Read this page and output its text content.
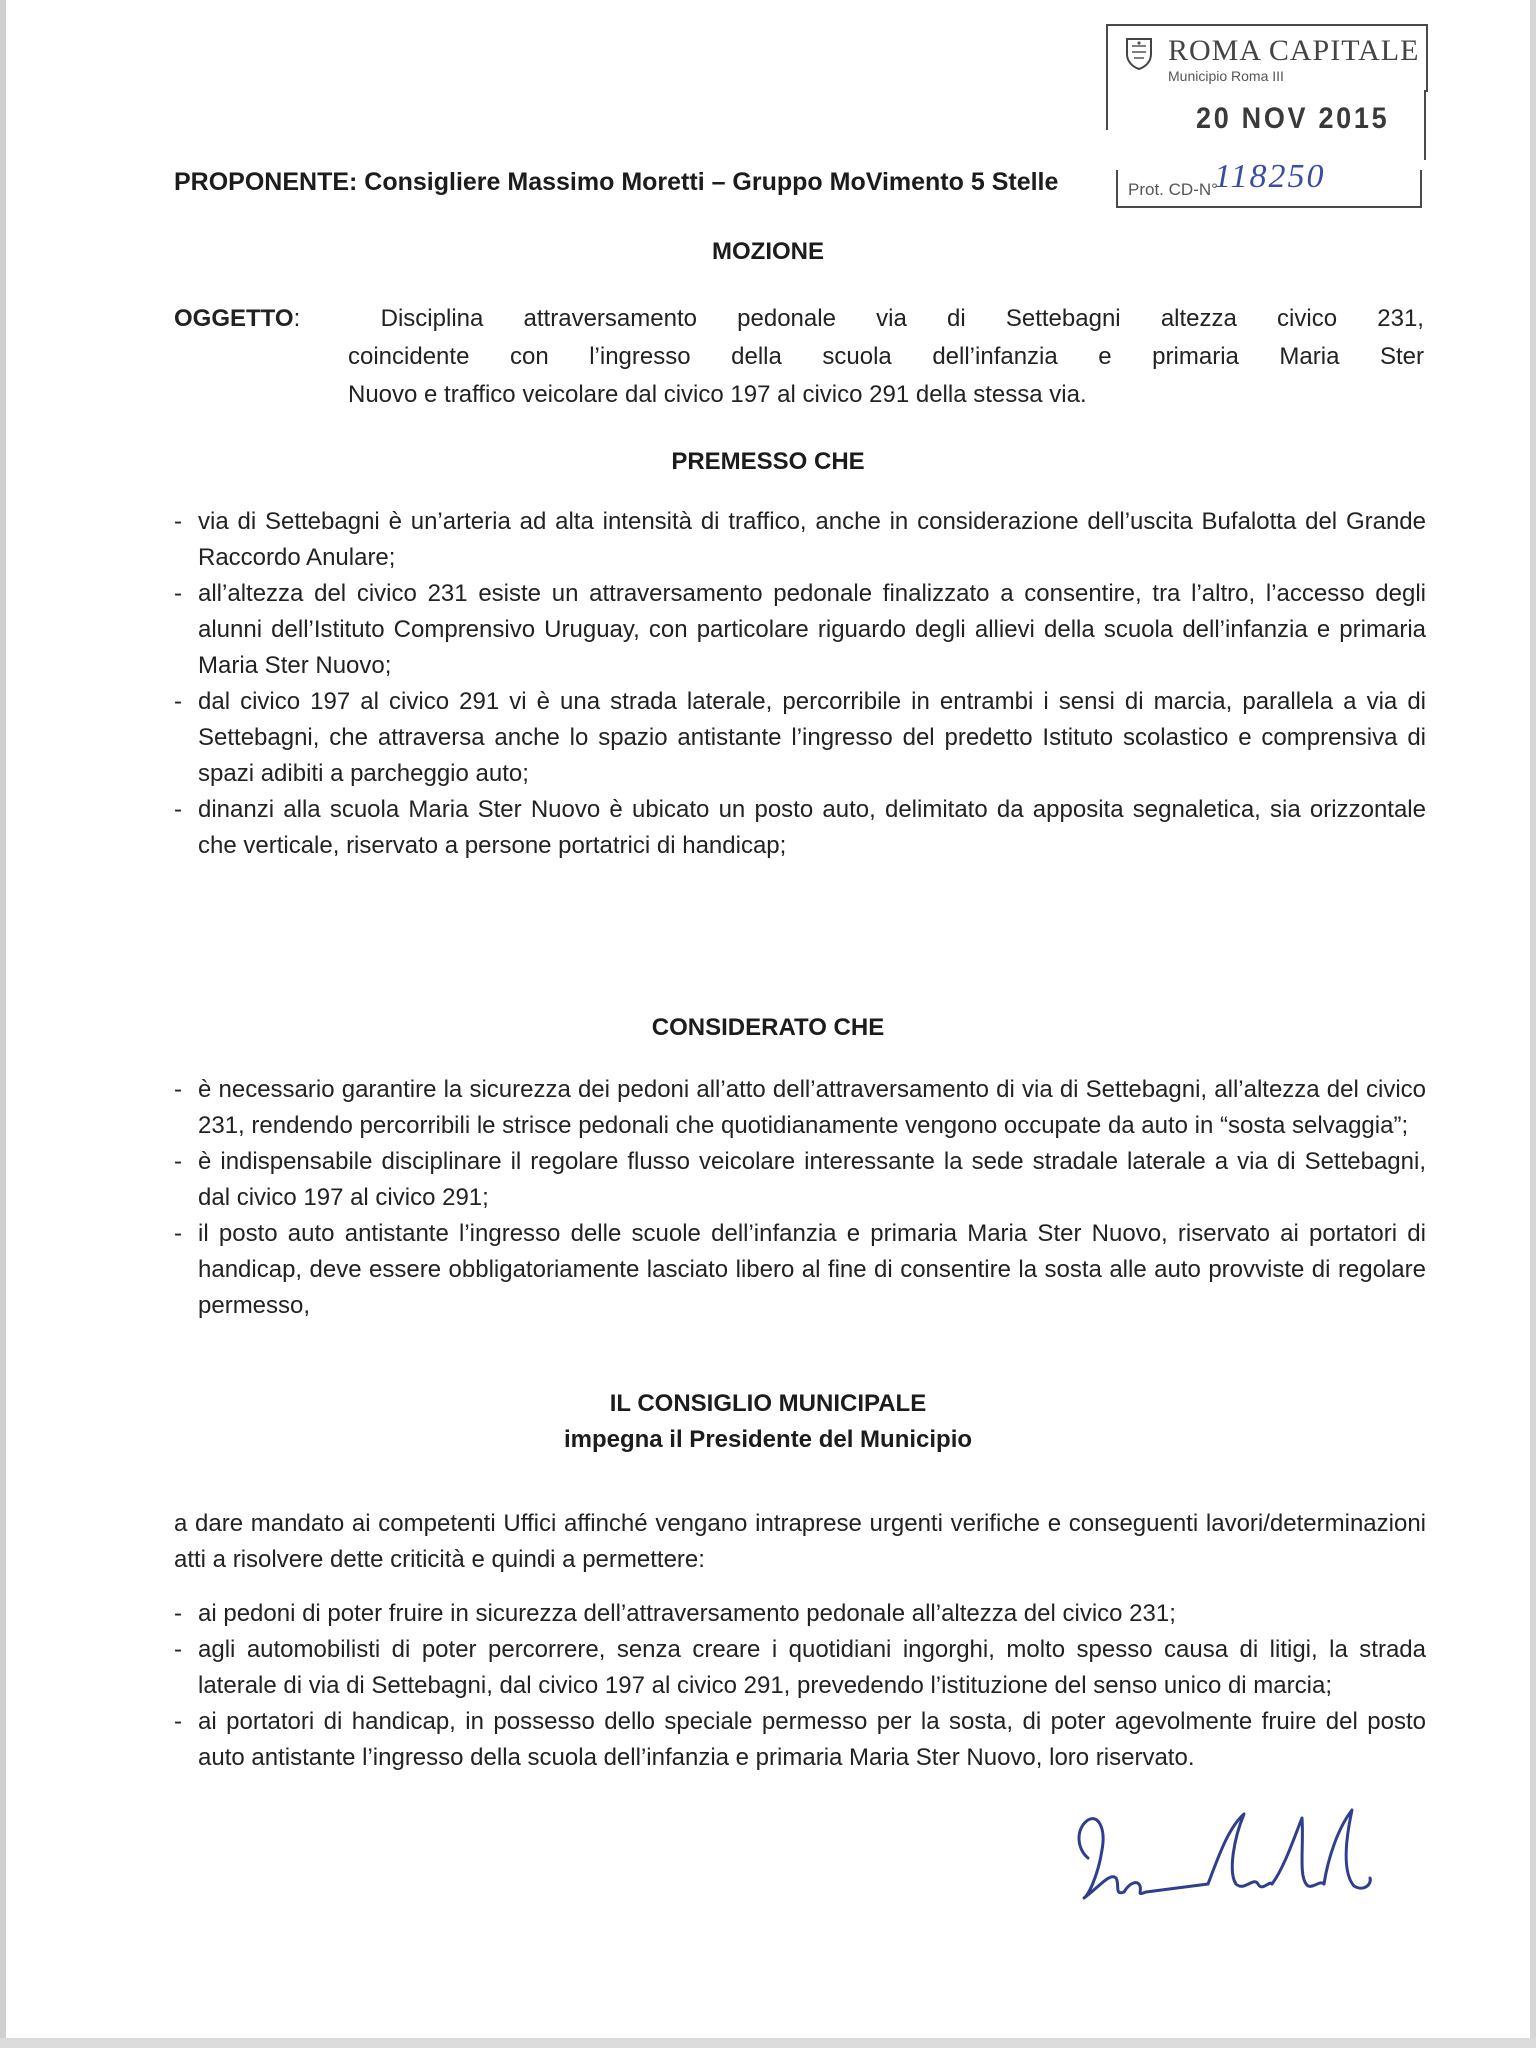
ROMA CAPITALE
Municipio Roma III
20 NOV 2015
Prot. CD-N°
118250
PROPONENTE: Consigliere Massimo Moretti – Gruppo MoVimento 5 Stelle
MOZIONE
OGGETTO:  Disciplina attraversamento pedonale via di Settebagni altezza civico 231,
coincidente con l’ingresso della scuola dell’infanzia e primaria Maria Ster
Nuovo e traffico veicolare dal civico 197 al civico 291 della stessa via.
PREMESSO CHE
- via di Settebagni è un’arteria ad alta intensità di traffico, anche in considerazione dell’uscita Bufalotta del Grande Raccordo Anulare;
- all’altezza del civico 231 esiste un attraversamento pedonale finalizzato a consentire, tra l’altro, l’accesso degli alunni dell’Istituto Comprensivo Uruguay, con particolare riguardo degli allievi della scuola dell’infanzia e primaria Maria Ster Nuovo;
- dal civico 197 al civico 291 vi è una strada laterale, percorribile in entrambi i sensi di marcia, parallela a via di Settebagni, che attraversa anche lo spazio antistante l’ingresso del predetto Istituto scolastico e comprensiva di spazi adibiti a parcheggio auto;
- dinanzi alla scuola Maria Ster Nuovo è ubicato un posto auto, delimitato da apposita segnaletica, sia orizzontale che verticale, riservato a persone portatrici di handicap;
CONSIDERATO CHE
- è necessario garantire la sicurezza dei pedoni all’atto dell’attraversamento di via di Settebagni, all’altezza del civico 231, rendendo percorribili le strisce pedonali che quotidianamente vengono occupate da auto in “sosta selvaggia”;
- è indispensabile disciplinare il regolare flusso veicolare interessante la sede stradale laterale a via di Settebagni, dal civico 197 al civico 291;
- il posto auto antistante l’ingresso delle scuole dell’infanzia e primaria Maria Ster Nuovo, riservato ai portatori di handicap, deve essere obbligatoriamente lasciato libero al fine di consentire la sosta alle auto provviste di regolare permesso,
IL CONSIGLIO MUNICIPALE
impegna il Presidente del Municipio
a dare mandato ai competenti Uffici affinché vengano intraprese urgenti verifiche e conseguenti lavori/determinazioni atti a risolvere dette criticità e quindi a permettere:
- ai pedoni di poter fruire in sicurezza dell’attraversamento pedonale all’altezza del civico 231;
- agli automobilisti di poter percorrere, senza creare i quotidiani ingorghi, molto spesso causa di litigi, la strada laterale di via di Settebagni, dal civico 197 al civico 291, prevedendo l’istituzione del senso unico di marcia;
- ai portatori di handicap, in possesso dello speciale permesso per la sosta, di poter agevolmente fruire del posto auto antistante l’ingresso della scuola dell’infanzia e primaria Maria Ster Nuovo, loro riservato.
